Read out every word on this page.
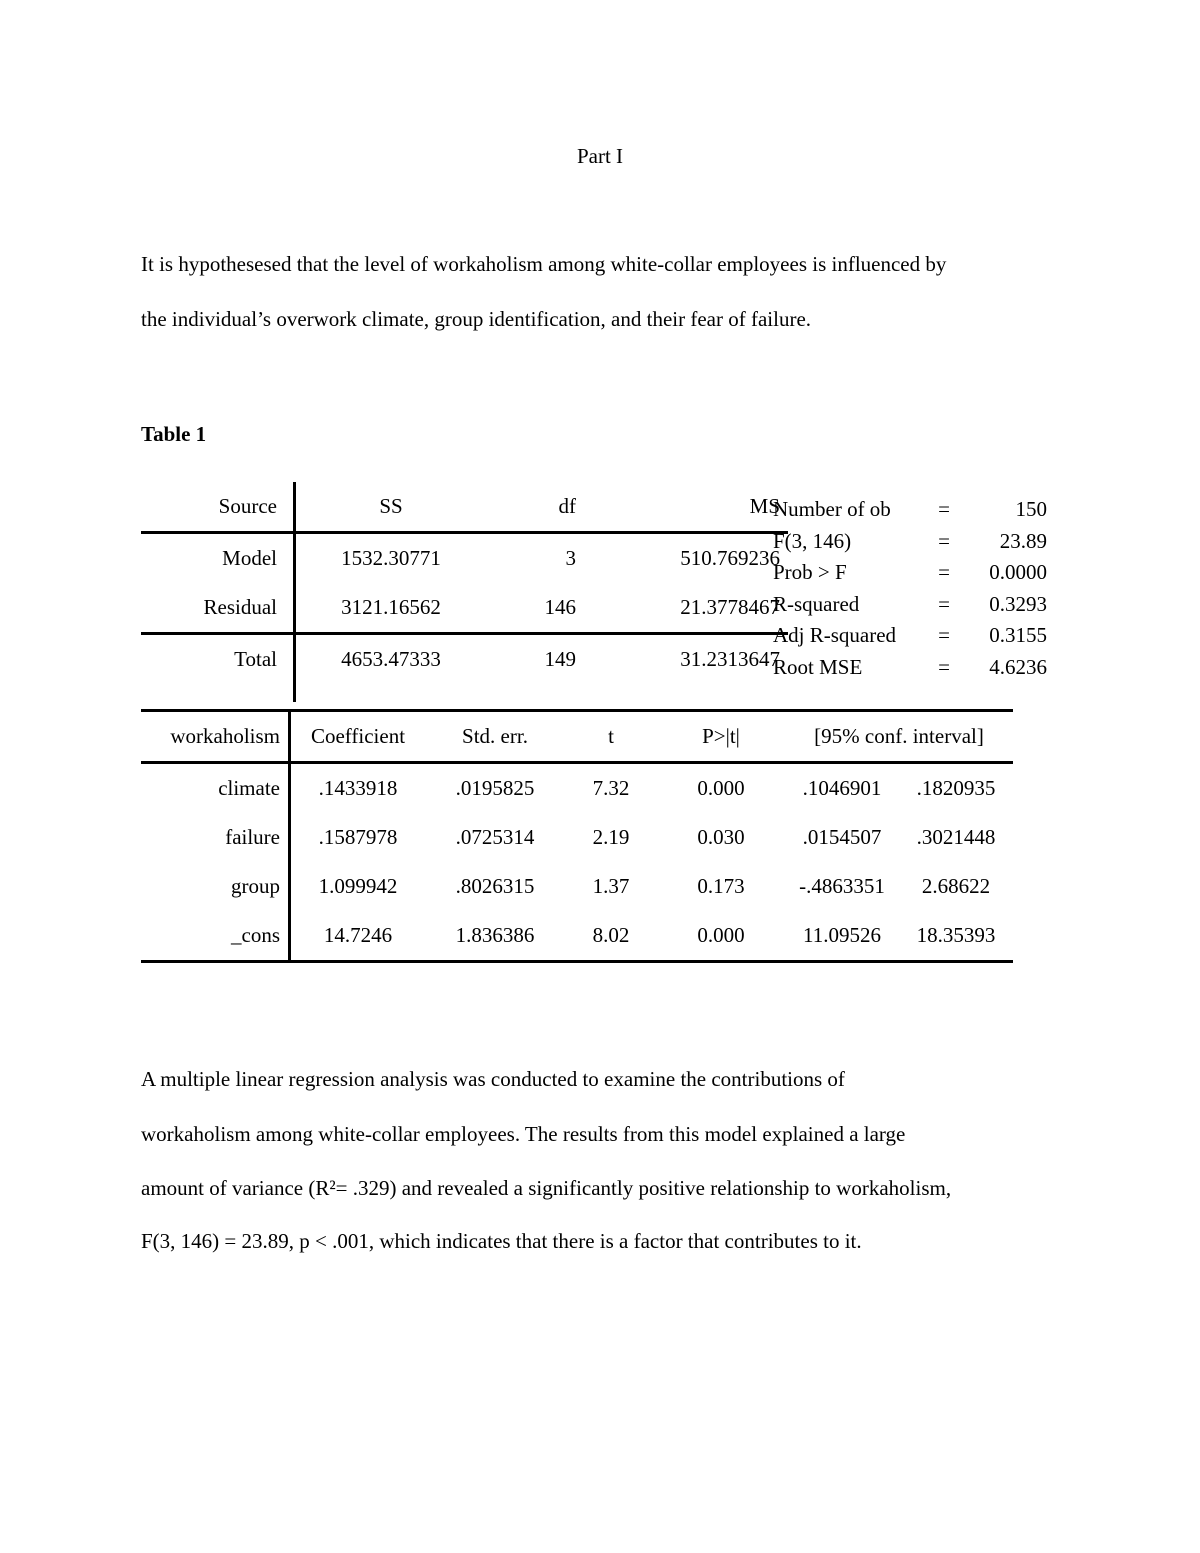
Part I

It is hypothesesed that the level of workaholism among white-collar employees is influenced by

the individual’s overwork climate, group identification, and their fear of failure.

Table 1

Source	SS	df	MS
Model	1532.30771	3	510.769236
Residual	3121.16562	146	21.3778467
Total	4653.47333	149	31.2313647
Number of ob	=	150
F(3, 146)	=	23.89
Prob > F	=	0.0000
R-squared	=	0.3293
Adj R-squared	=	0.3155
Root MSE	=	4.6236
workaholism	Coefficient	Std. err.	t	P>|t|	[95% conf. interval]	
climate	.1433918	.0195825	7.32	0.000	.1046901	.1820935
failure	.1587978	.0725314	2.19	0.030	.0154507	.3021448
group	1.099942	.8026315	1.37	0.173	-.4863351	2.68622
_cons	14.7246	1.836386	8.02	0.000	11.09526	18.35393

A multiple linear regression analysis was conducted to examine the contributions of

workaholism among white-collar employees. The results from this model explained a large

amount of variance (R²= .329) and revealed a significantly positive relationship to workaholism,

F(3, 146) = 23.89, p < .001, which indicates that there is a factor that contributes to it.
